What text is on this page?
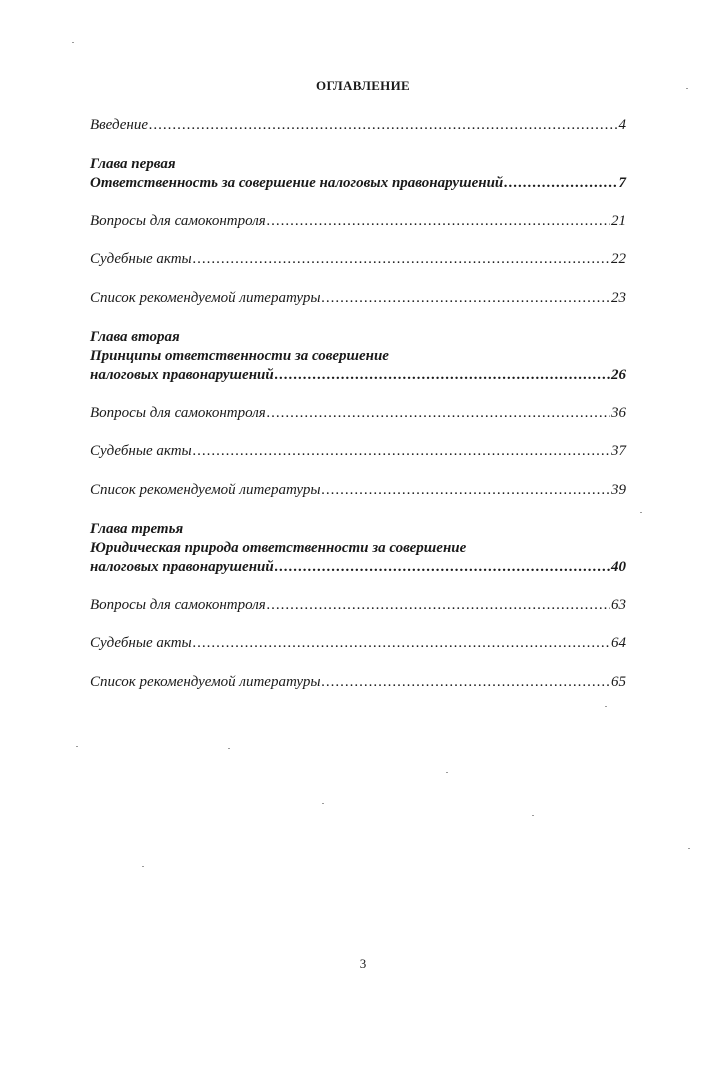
ОГЛАВЛЕНИЕ
Введение .....	4
Глава первая
Ответственность за совершение налоговых правонарушений .....	7
Вопросы для самоконтроля .....	21
Судебные акты .....	22
Список рекомендуемой литературы .....	23
Глава вторая
Принципы ответственности за совершение
налоговых правонарушений .....	26
Вопросы для самоконтроля .....	36
Судебные акты .....	37
Список рекомендуемой литературы .....	39
Глава третья
Юридическая природа ответственности за совершение
налоговых правонарушений .....	40
Вопросы для самоконтроля .....	63
Судебные акты .....	64
Список рекомендуемой литературы .....	65
3
